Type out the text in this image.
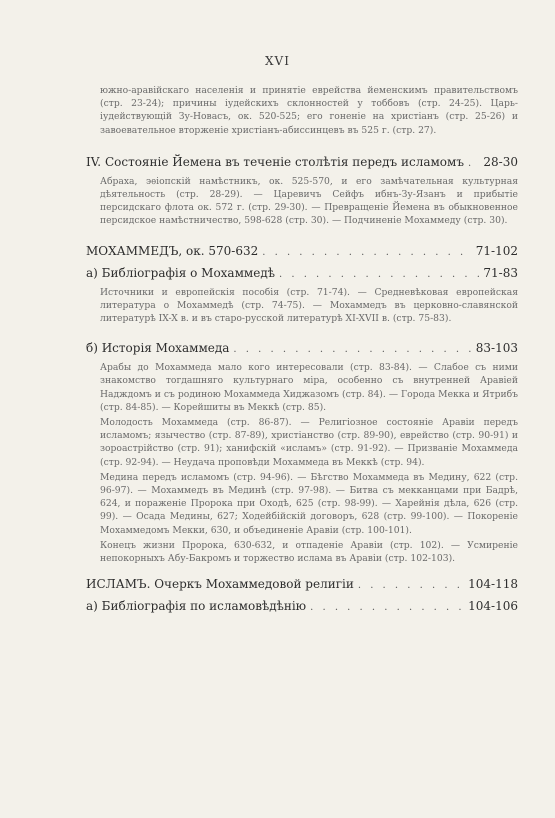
XVI

южно-аравійскаго населенія и принятіе еврейства йеменскимъ правительствомъ (стр. 23-24); причины іудейскихъ склонностей у тоббовъ (стр. 24-25). Царь-іудействующій Зу-Новасъ, ок. 520-525; его гоненіе на христіанъ (стр. 25-26) и завоевательное вторженіе христіанъ-абиссинцевъ въ 525 г. (стр. 27).

IV. Состояніе Йемена въ теченіе столѣтія передъ исламомъ . . . 28-30

Абраха, эѳіопскій намѣстникъ, ок. 525-570, и его замѣчательная культурная дѣятельность (стр. 28-29). — Царевичъ Сейфъ ибнъ-Зу-Язанъ и прибытіе персидскаго флота ок. 572 г. (стр. 29-30). — Превращеніе Йемена въ обыкновенное персидское намѣстничество, 598-628 (стр. 30). — Подчиненіе Мохаммеду (стр. 30).

МОХАММЕДЪ, ок. 570-632 . . .	71-102
а) Библіографія о Мохаммедѣ . . .	71-83

Источники и европейскія пособія (стр. 71-74). — Средневѣковая европейская литература о Мохаммедѣ (стр. 74-75). — Мохаммедъ въ церковно-славянской литературѣ IX-X в. и въ старо-русской литературѣ XI-XVII в. (стр. 75-83).

б) Исторія Мохаммеда . . .	83-103

Арабы до Мохаммеда мало кого интересовали (стр. 83-84). — Слабое съ ними знакомство тогдашняго культурнаго міра, особенно съ внутренней Аравіей Надждомъ и съ родиною Мохаммеда Хиджазомъ (стр. 84). — Города Мекка и Ятрибъ (стр. 84-85). — Корейшиты въ Меккѣ (стр. 85).

Молодость Мохаммеда (стр. 86-87). — Религіозное состояніе Аравіи передъ исламомъ; язычество (стр. 87-89), христіанство (стр. 89-90), еврейство (стр. 90-91) и зороастрійство (стр. 91); ханифскій «исламъ» (стр. 91-92). — Призваніе Мохаммеда (стр. 92-94). — Неудача проповѣди Мохаммеда въ Меккѣ (стр. 94).

Медина передъ исламомъ (стр. 94-96). — Бѣгство Мохаммеда въ Медину, 622 (стр. 96-97). — Мохаммедъ въ Мединѣ (стр. 97-98). — Битва съ мекканцами при Бадрѣ, 624, и пораженіе Пророка при Оходѣ, 625 (стр. 98-99). — Харейнія дѣла, 626 (стр. 99). — Осада Медины, 627; Ходейбійскій договоръ, 628 (стр. 99-100). — Покореніе Мохаммедомъ Мекки, 630, и объединеніе Аравіи (стр. 100-101).

Конецъ жизни Пророка, 630-632, и отпаденіе Аравіи (стр. 102). — Усмиреніе непокорныхъ Абу-Бакромъ и торжество ислама въ Аравіи (стр. 102-103).

ИСЛАМЪ. Очеркъ Мохаммедовой религіи . . .	104-118
а) Библіографія по исламовѣдѣнію . . .	104-106
